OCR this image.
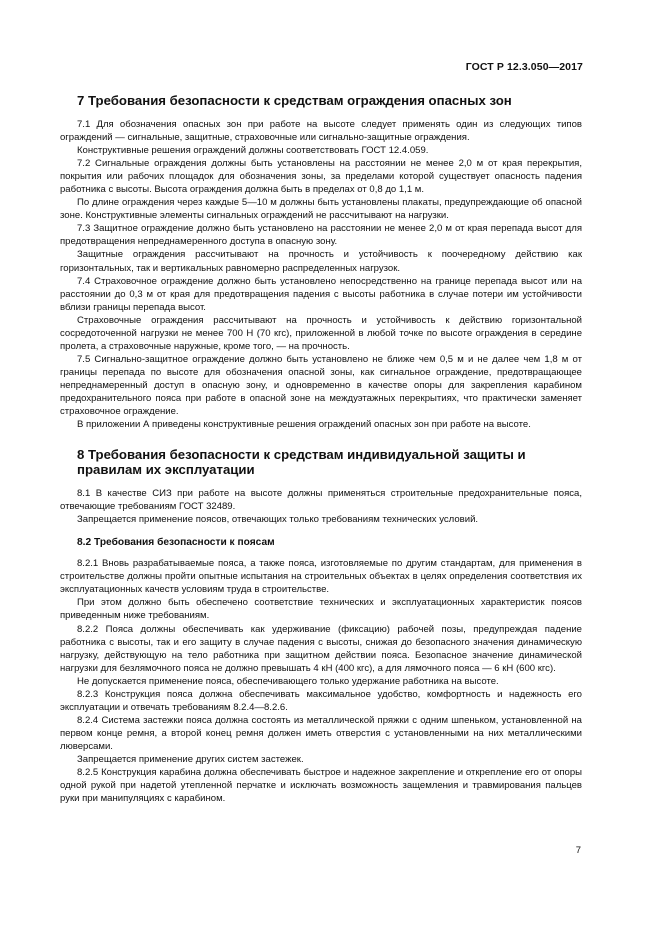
ГОСТ Р 12.3.050—2017
7 Требования безопасности к средствам ограждения опасных зон

7.1 Для обозначения опасных зон при работе на высоте следует применять один из следующих типов ограждений — сигнальные, защитные, страховочные или сигнально-защитные ограждения.

Конструктивные решения ограждений должны соответствовать ГОСТ 12.4.059.

7.2 Сигнальные ограждения должны быть установлены на расстоянии не менее 2,0 м от края перекрытия, покрытия или рабочих площадок для обозначения зоны, за пределами которой существует опасность падения работника с высоты. Высота ограждения должна быть в пределах от 0,8 до 1,1 м.

По длине ограждения через каждые 5—10 м должны быть установлены плакаты, предупреждающие об опасной зоне. Конструктивные элементы сигнальных ограждений не рассчитывают на нагрузки.

7.3 Защитное ограждение должно быть установлено на расстоянии не менее 2,0 м от края перепада высот для предотвращения непреднамеренного доступа в опасную зону.

Защитные ограждения рассчитывают на прочность и устойчивость к поочередному действию как горизонтальных, так и вертикальных равномерно распределенных нагрузок.

7.4 Страховочное ограждение должно быть установлено непосредственно на границе перепада высот или на расстоянии до 0,3 м от края для предотвращения падения с высоты работника в случае потери им устойчивости вблизи границы перепада высот.

Страховочные ограждения рассчитывают на прочность и устойчивость к действию горизонтальной сосредоточенной нагрузки не менее 700 Н (70 кгс), приложенной в любой точке по высоте ограждения в середине пролета, а страховочные наружные, кроме того, — на прочность.

7.5 Сигнально-защитное ограждение должно быть установлено не ближе чем 0,5 м и не далее чем 1,8 м от границы перепада по высоте для обозначения опасной зоны, как сигнальное ограждение, предотвращающее непреднамеренный доступ в опасную зону, и одновременно в качестве опоры для закрепления карабином предохранительного пояса при работе в опасной зоне на междуэтажных перекрытиях, что практически заменяет страховочное ограждение.

В приложении А приведены конструктивные решения ограждений опасных зон при работе на высоте.

8 Требования безопасности к средствам индивидуальной защиты и правилам их эксплуатации

8.1 В качестве СИЗ при работе на высоте должны применяться строительные предохранительные пояса, отвечающие требованиям ГОСТ 32489.

Запрещается применение поясов, отвечающих только требованиям технических условий.

8.2 Требования безопасности к поясам

8.2.1 Вновь разрабатываемые пояса, а также пояса, изготовляемые по другим стандартам, для применения в строительстве должны пройти опытные испытания на строительных объектах в целях определения соответствия их эксплуатационных качеств условиям труда в строительстве.

При этом должно быть обеспечено соответствие технических и эксплуатационных характеристик поясов приведенным ниже требованиям.

8.2.2 Пояса должны обеспечивать как удерживание (фиксацию) рабочей позы, предупреждая падение работника с высоты, так и его защиту в случае падения с высоты, снижая до безопасного значения динамическую нагрузку, действующую на тело работника при защитном действии пояса. Безопасное значение динамической нагрузки для безлямочного пояса не должно превышать 4 кН (400 кгс), а для лямочного пояса — 6 кН (600 кгс).

Не допускается применение пояса, обеспечивающего только удержание работника на высоте.

8.2.3 Конструкция пояса должна обеспечивать максимальное удобство, комфортность и надежность его эксплуатации и отвечать требованиям 8.2.4—8.2.6.

8.2.4 Система застежки пояса должна состоять из металлической пряжки с одним шпеньком, установленной на первом конце ремня, а второй конец ремня должен иметь отверстия с установленными на них металлическими люверсами.

Запрещается применение других систем застежек.

8.2.5 Конструкция карабина должна обеспечивать быстрое и надежное закрепление и открепление его от опоры одной рукой при надетой утепленной перчатке и исключать возможность защемления и травмирования пальцев руки при манипуляциях с карабином.

7
